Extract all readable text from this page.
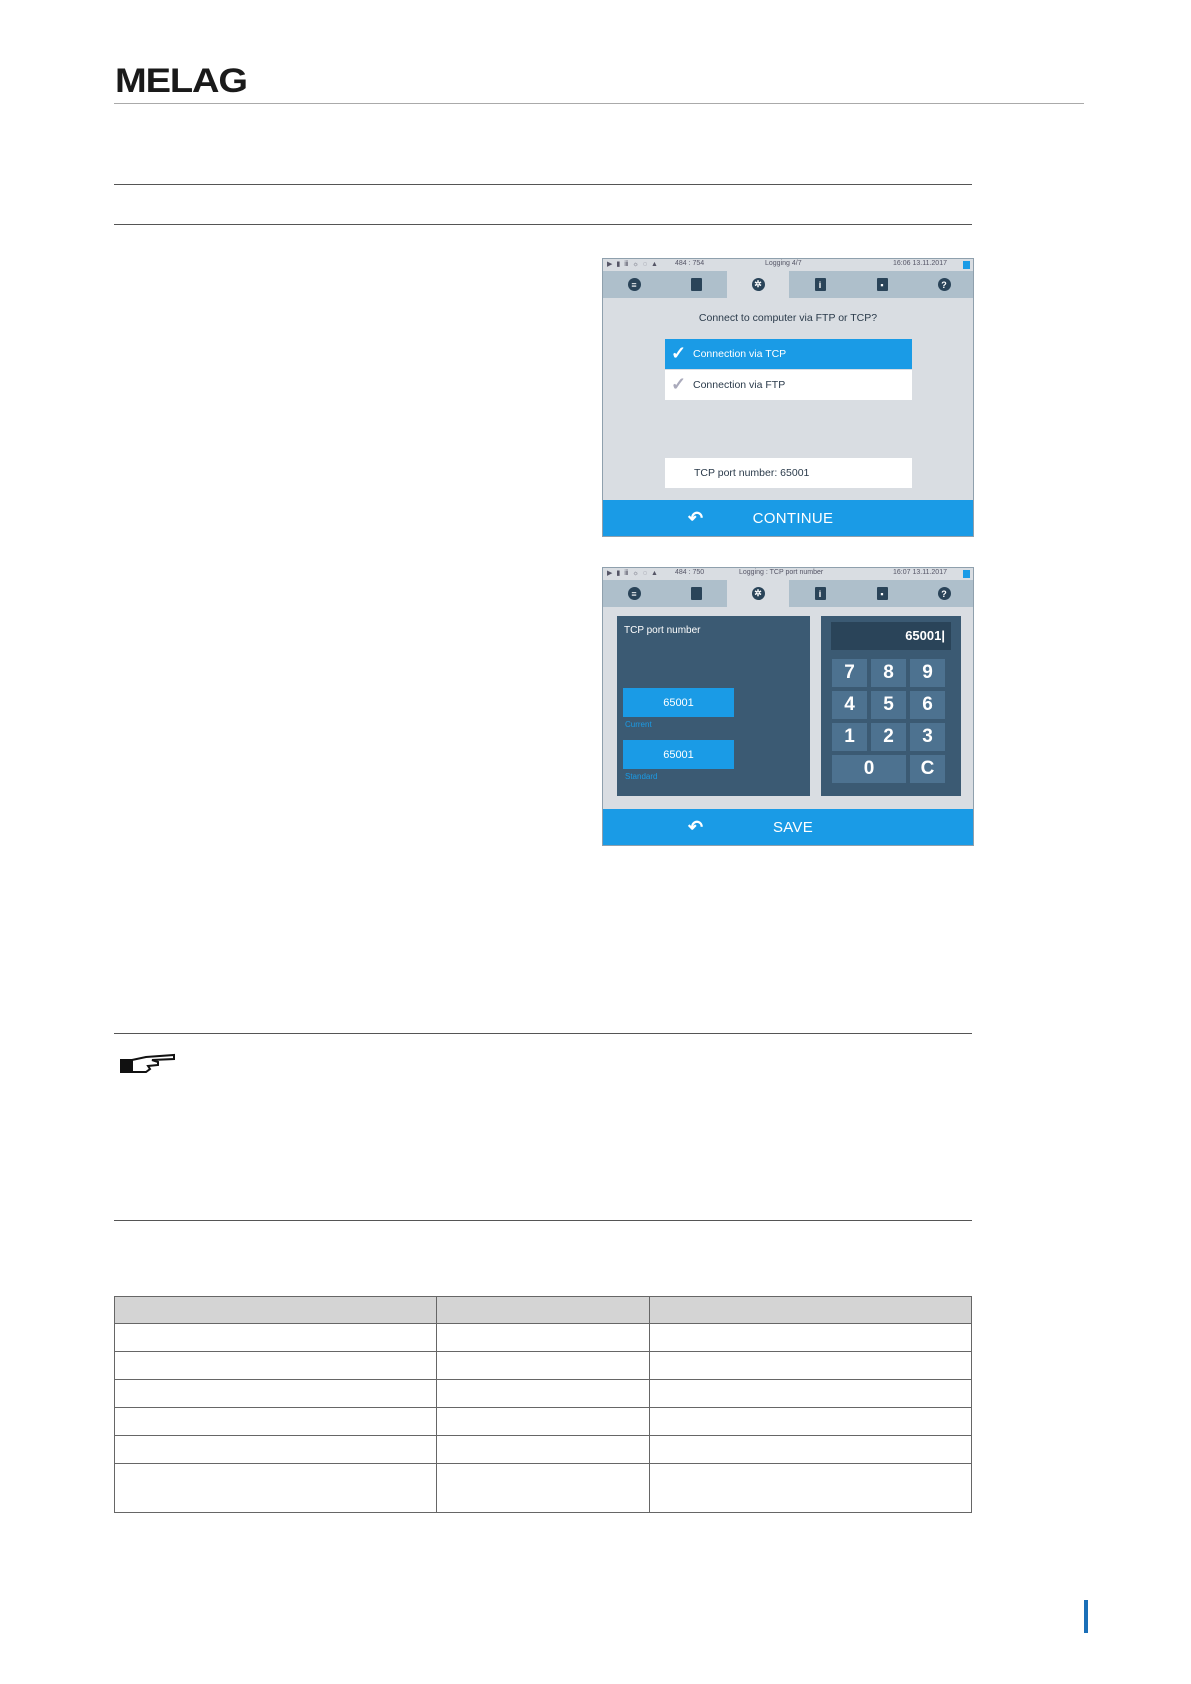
MELAG
▶ ▮ ⅲ ☼ ◌ ▲ 484 : 754	Logging 4/7	16:06 13.11.2017
≡	✲	i	▪	?
Connect to computer via FTP or TCP?
✓ Connection via TCP
✓ Connection via FTP
TCP port number: 65001
↶	CONTINUE
▶ ▮ ⅲ ☼ ◌ ▲ 484 : 750	Logging : TCP port number	16:07 13.11.2017
≡	✲	i	▪	?
TCP port number
65001
Current
65001
Standard
65001|
7	8	9
4	5	6
1	2	3
0	C
↶	SAVE
